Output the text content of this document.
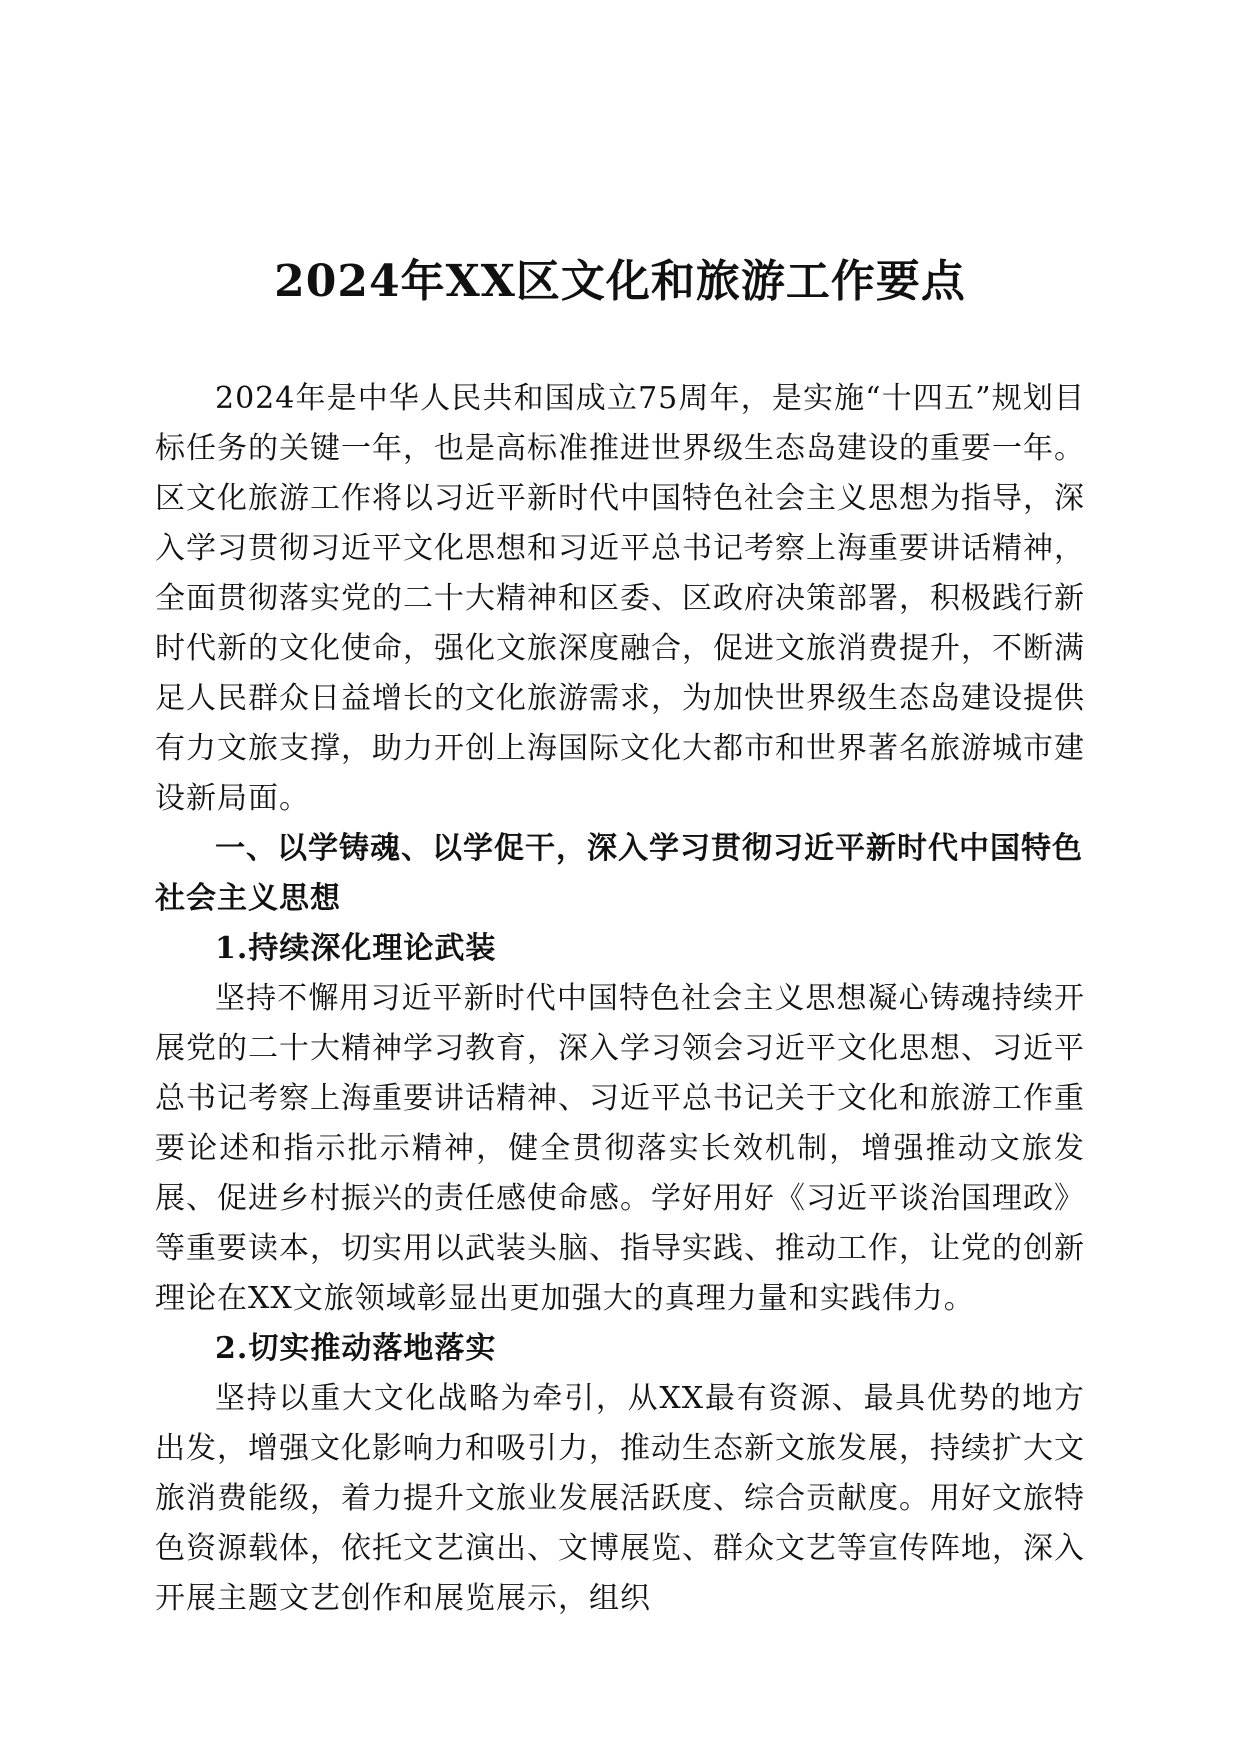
2024年XX区文化和旅游工作要点

2024年是中华人民共和国成立75周年，是实施“十四五”规划目标任务的关键一年，也是高标准推进世界级生态岛建设的重要一年。区文化旅游工作将以习近平新时代中国特色社会主义思想为指导，深入学习贯彻习近平文化思想和习近平总书记考察上海重要讲话精神，全面贯彻落实党的二十大精神和区委、区政府决策部署，积极践行新时代新的文化使命，强化文旅深度融合，促进文旅消费提升，不断满足人民群众日益增长的文化旅游需求，为加快世界级生态岛建设提供有力文旅支撑，助力开创上海国际文化大都市和世界著名旅游城市建设新局面。

一、以学铸魂、以学促干，深入学习贯彻习近平新时代中国特色社会主义思想

1.持续深化理论武装

坚持不懈用习近平新时代中国特色社会主义思想凝心铸魂持续开展党的二十大精神学习教育，深入学习领会习近平文化思想、习近平总书记考察上海重要讲话精神、习近平总书记关于文化和旅游工作重要论述和指示批示精神，健全贯彻落实长效机制，增强推动文旅发展、促进乡村振兴的责任感使命感。学好用好《习近平谈治国理政》等重要读本，切实用以武装头脑、指导实践、推动工作，让党的创新理论在XX文旅领域彰显出更加强大的真理力量和实践伟力。

2.切实推动落地落实

坚持以重大文化战略为牵引，从XX最有资源、最具优势的地方出发，增强文化影响力和吸引力，推动生态新文旅发展，持续扩大文旅消费能级，着力提升文旅业发展活跃度、综合贡献度。用好文旅特色资源载体，依托文艺演出、文博展览、群众文艺等宣传阵地，深入开展主题文艺创作和展览展示，组织
